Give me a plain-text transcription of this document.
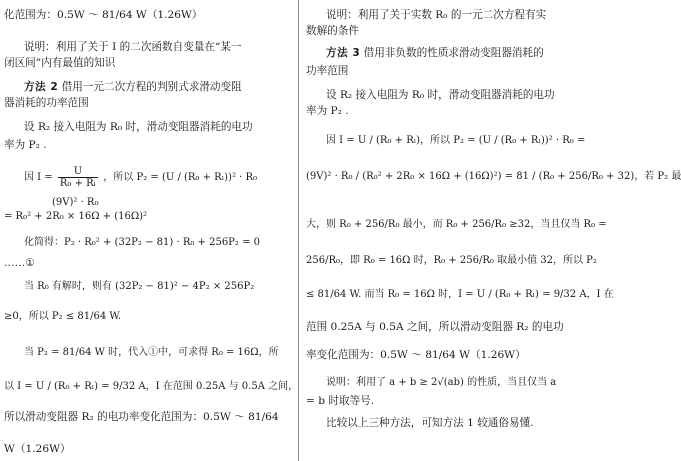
化范围为：0.5W ～ 81/64 W（1.26W）
说明：利用了关于 I 的二次函数自变量在“某一
闭区间”内有最值的知识
方法 2 借用一元二次方程的判别式求滑动变阻
器消耗的功率范围
设 R₂ 接入电阻为 R₀ 时，滑动变阻器消耗的电功
率为 P₂ .
因 $I = \frac{U}{\text{R₀ + Rₗ}}$ ，所以 P₂ = (U / (R₀ + Rₗ))² · R₀
(9V)² · R₀
= R₀² + 2R₀ × 16Ω + (16Ω)²
化简得：P₂ · R₀² + (32P₂ − 81) · R₀ + 256P₂ = 0
……①
当 R₀ 有解时，则有 (32P₂ − 81)² − 4P₂ × 256P₂
≥0，所以 P₂ ≤ 81/64 W.
当 P₂ = 81/64 W 时，代入①中，可求得 R₀ = 16Ω，所
以 I = U / (R₀ + Rₗ) = 9/32 A，I 在范围 0.25A 与 0.5A 之间，
所以滑动变阻器 R₂ 的电功率变化范围为：0.5W ～ 81/64
W（1.26W）
说明：利用了关于实数 R₀ 的一元二次方程有实
数解的条件
方法 3 借用非负数的性质求滑动变阻器消耗的
功率范围
设 R₂ 接入电阻为 R₀ 时，滑动变阻器消耗的电功
率为 P₂ .
因 I = U / (R₀ + Rₗ)，所以 P₂ = (U / (R₀ + Rₗ))² · R₀ =
(9V)² · R₀ / (R₀² + 2R₀ × 16Ω + (16Ω)²) = 81 / (R₀ + 256/R₀ + 32)，若 P₂ 最
大，则 R₀ + 256/R₀ 最小，而 R₀ + 256/R₀ ≥32，当且仅当 R₀ =
256/R₀，即 R₀ = 16Ω 时，R₀ + 256/R₀ 取最小值 32，所以 P₂
≤ 81/64 W. 而当 R₀ = 16Ω 时，I = U / (R₀ + Rₗ) = 9/32 A，I 在
范围 0.25A 与 0.5A 之间，所以滑动变阻器 R₂ 的电功
率变化范围为：0.5W ～ 81/64 W（1.26W）
说明：利用了 a + b ≥ 2√(ab) 的性质，当且仅当 a
= b 时取等号.
比较以上三种方法，可知方法 1 较通俗易懂.
